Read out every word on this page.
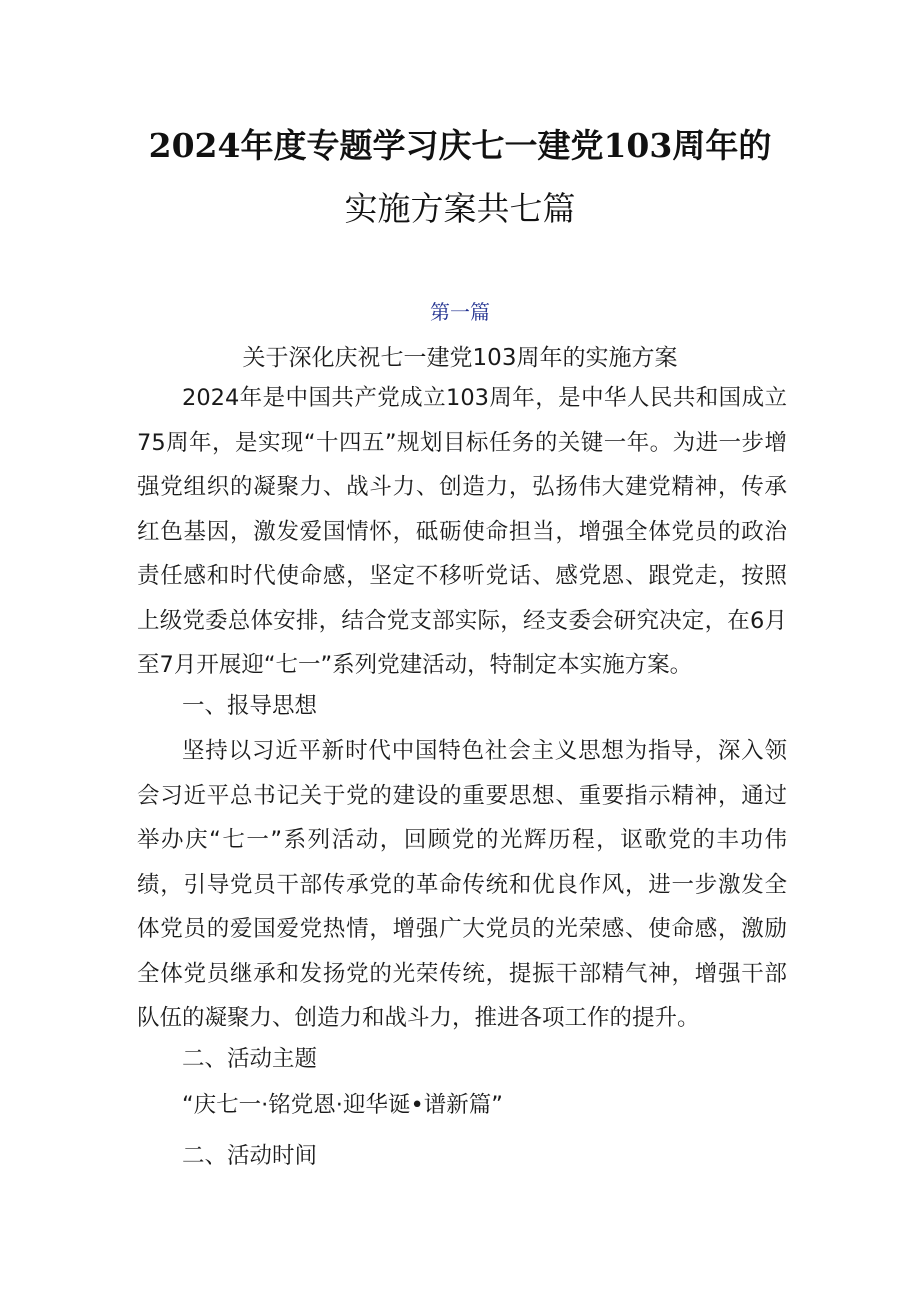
2024年度专题学习庆七一建党103周年的
实施方案共七篇
第一篇
关于深化庆祝七一建党103周年的实施方案

2024年是中国共产党成立103周年，是中华人民共和国成立75周年，是实现“十四五”规划目标任务的关键一年。为进一步增强党组织的凝聚力、战斗力、创造力，弘扬伟大建党精神，传承红色基因，激发爱国情怀，砥砺使命担当，增强全体党员的政治责任感和时代使命感，坚定不移听党话、感党恩、跟党走，按照上级党委总体安排，结合党支部实际，经支委会研究决定，在6月至7月开展迎“七一”系列党建活动，特制定本实施方案。

一、报导思想

坚持以习近平新时代中国特色社会主义思想为指导，深入领会习近平总书记关于党的建设的重要思想、重要指示精神，通过举办庆“七一”系列活动，回顾党的光辉历程，讴歌党的丰功伟绩，引导党员干部传承党的革命传统和优良作风，进一步激发全体党员的爱国爱党热情，增强广大党员的光荣感、使命感，激励全体党员继承和发扬党的光荣传统，提振干部精气神，增强干部队伍的凝聚力、创造力和战斗力，推进各项工作的提升。

二、活动主题
“庆七一·铭党恩·迎华诞•谱新篇”
二、活动时间
